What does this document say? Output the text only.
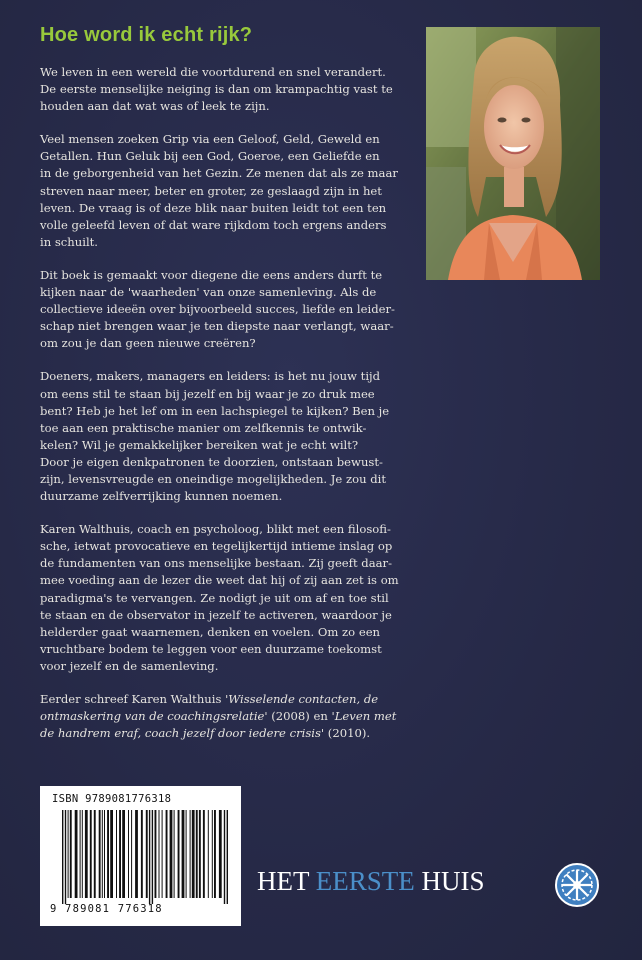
Hoe word ik echt rijk?

We leven in een wereld die voortdurend en snel verandert.
De eerste menselijke neiging is dan om krampachtig vast te
houden aan dat wat was of leek te zijn.

Veel mensen zoeken Grip via een Geloof, Geld, Geweld en
Getallen. Hun Geluk bij een God, Goeroe, een Geliefde en
in de geborgenheid van het Gezin. Ze menen dat als ze maar
streven naar meer, beter en groter, ze geslaagd zijn in het
leven. De vraag is of deze blik naar buiten leidt tot een ten
volle geleefd leven of dat ware rijkdom toch ergens anders
in schuilt.

Dit boek is gemaakt voor diegene die eens anders durft te
kijken naar de 'waarheden' van onze samenleving. Als de
collectieve ideeën over bijvoorbeeld succes, liefde en leider-
schap niet brengen waar je ten diepste naar verlangt, waar-
om zou je dan geen nieuwe creëren?

Doeners, makers, managers en leiders: is het nu jouw tijd
om eens stil te staan bij jezelf en bij waar je zo druk mee
bent? Heb je het lef om in een lachspiegel te kijken? Ben je
toe aan een praktische manier om zelfkennis te ontwik-
kelen? Wil je gemakkelijker bereiken wat je echt wilt?
Door je eigen denkpatronen te doorzien, ontstaan bewust-
zijn, levensvreugde en oneindige mogelijkheden. Je zou dit
duurzame zelfverrijking kunnen noemen.

Karen Walthuis, coach en psycholoog, blikt met een filosofi-
sche, ietwat provocatieve en tegelijkertijd intieme inslag op
de fundamenten van ons menselijke bestaan. Zij geeft daar-
mee voeding aan de lezer die weet dat hij of zij aan zet is om
paradigma's te vervangen. Ze nodigt je uit om af en toe stil
te staan en de observator in jezelf te activeren, waardoor je
helderder gaat waarnemen, denken en voelen. Om zo een
vruchtbare bodem te leggen voor een duurzame toekomst
voor jezelf en de samenleving.

Eerder schreef Karen Walthuis 'Wisselende contacten, de ontmaskering van de coachingsrelatie' (2008) en 'Leven met de handrem eraf, coach jezelf door iedere crisis' (2010).

ISBN 9789081776318
9 789081 776318
HET EERSTE HUIS
